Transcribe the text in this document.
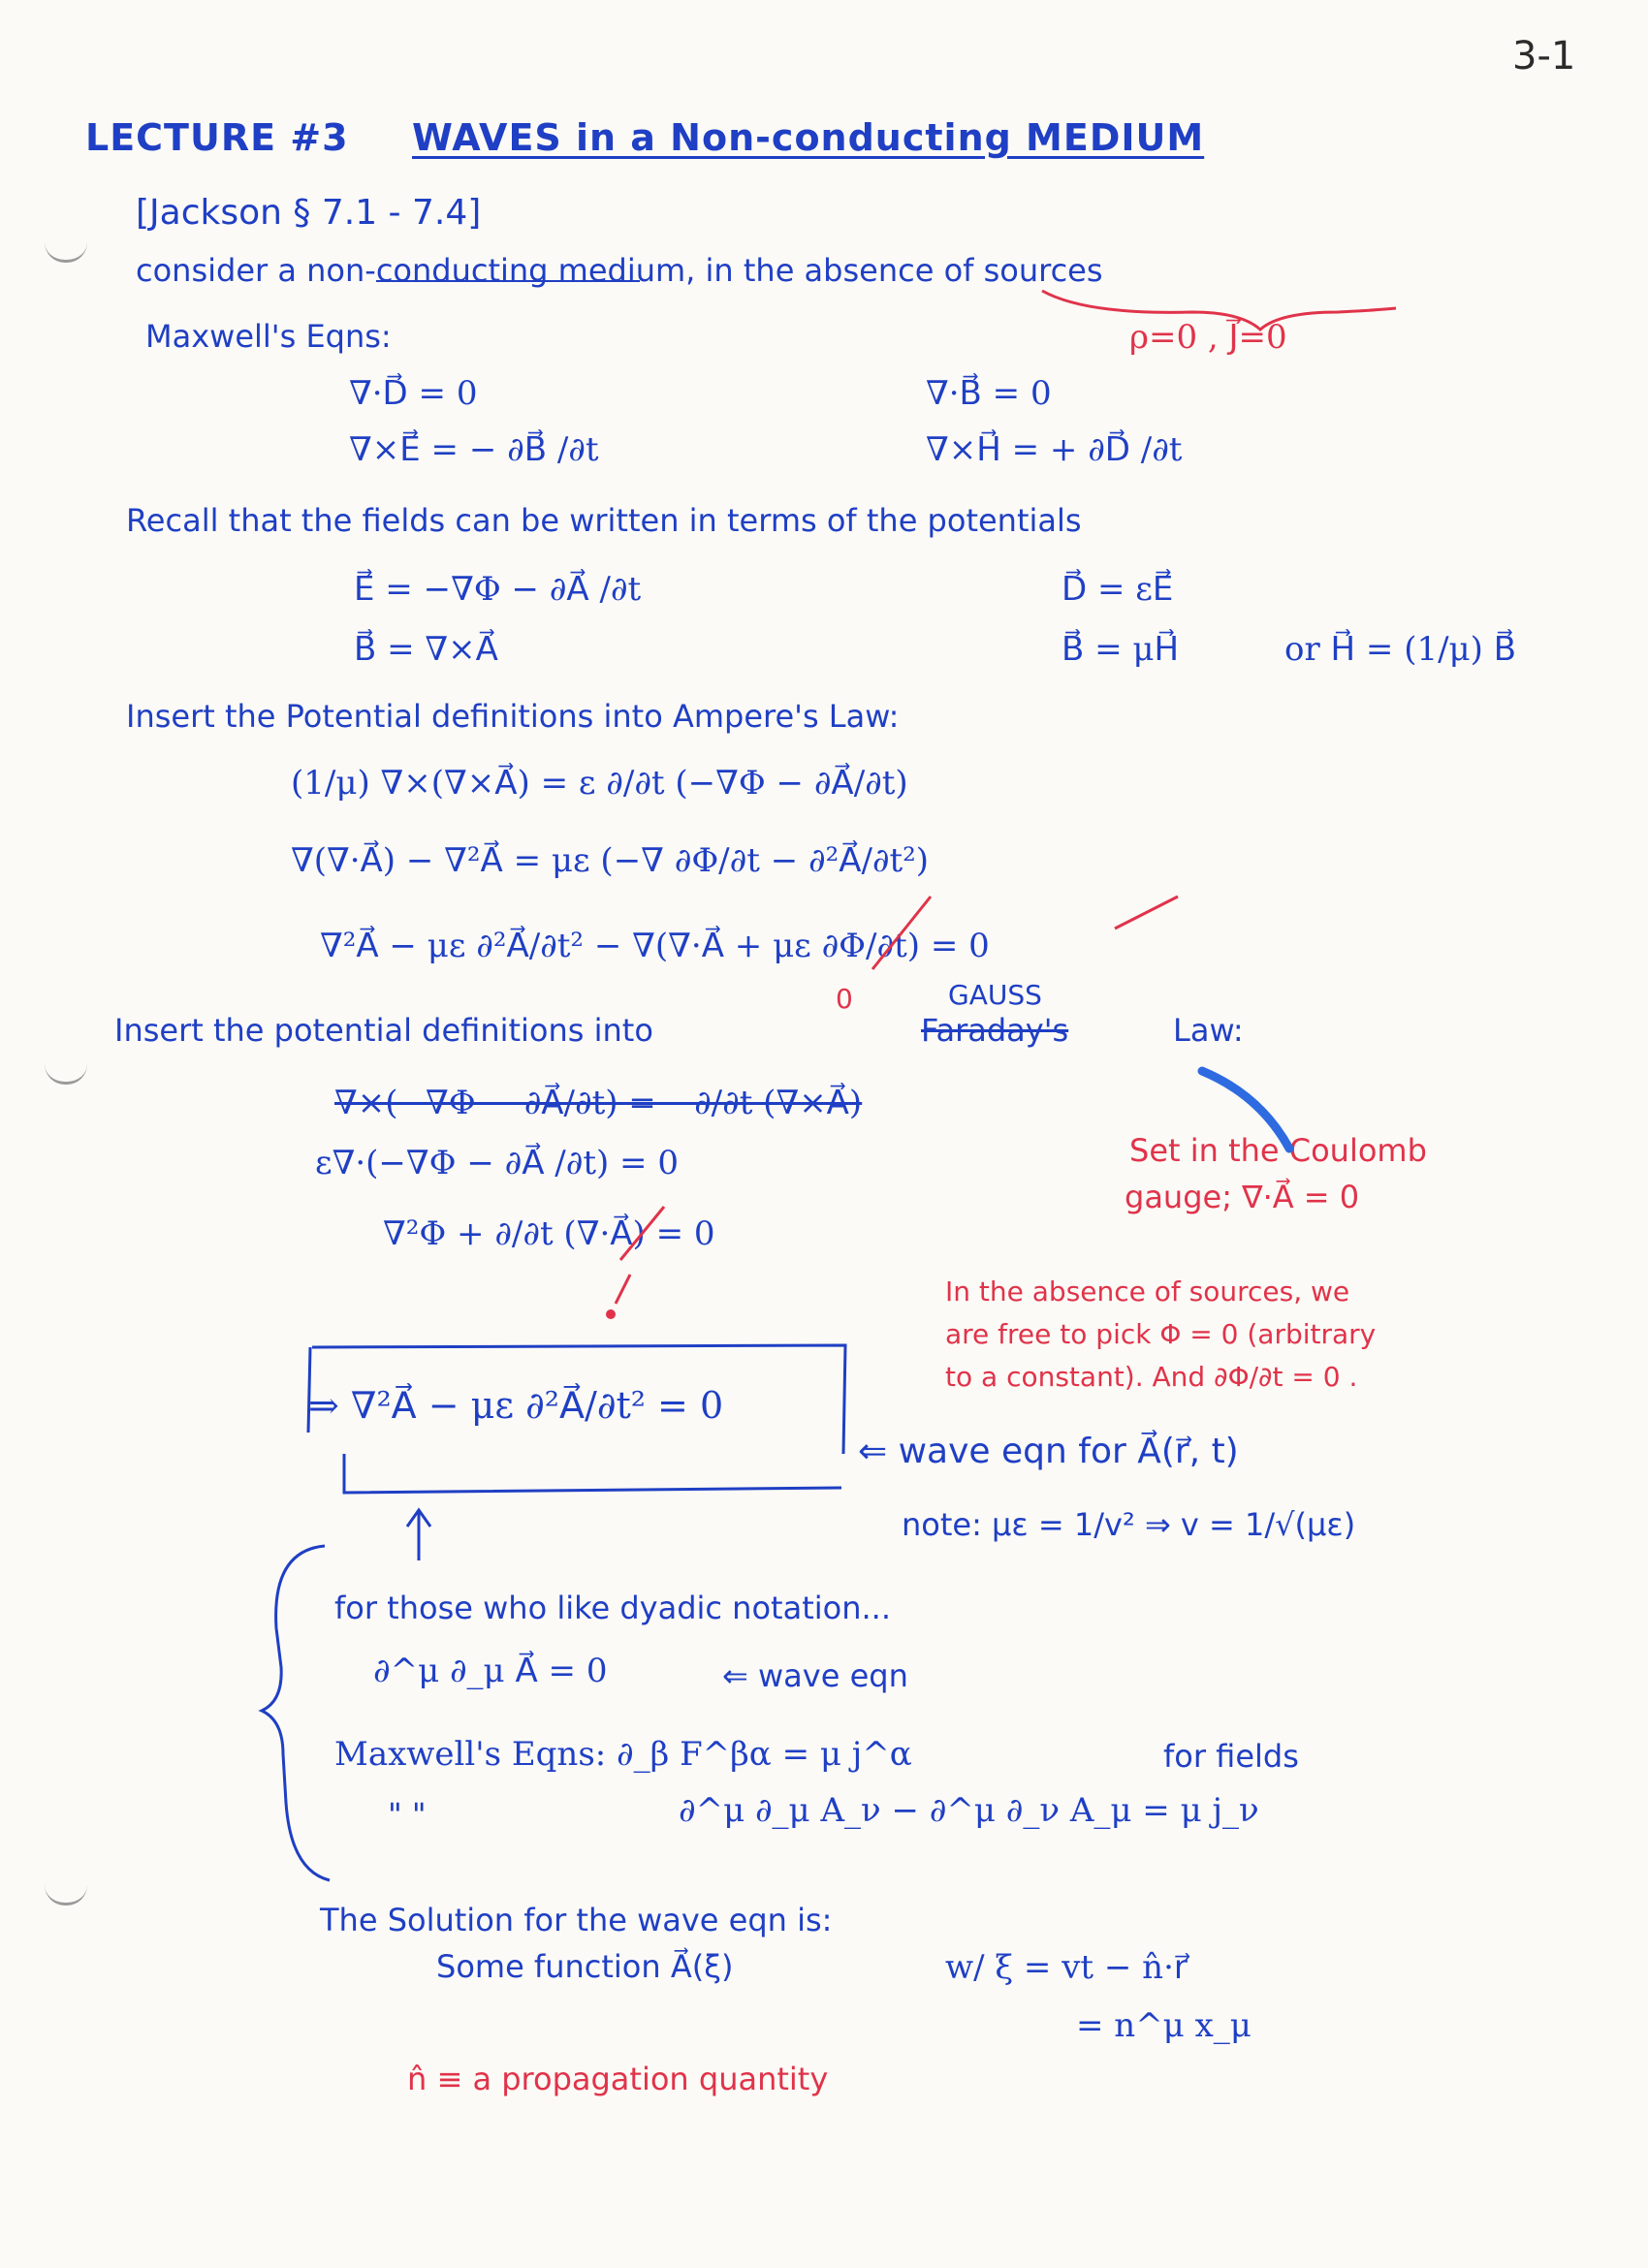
3-1
LECTURE #3 WAVES in a Non-conducting MEDIUM
[Jackson § 7.1 - 7.4]
consider a non-conducting medium, in the absence of sources
ρ=0 , J⃗=0
Maxwell's Eqns:
∇·D⃗ = 0	∇·B⃗ = 0
∇×E⃗ = − ∂B⃗ /∂t	∇×H⃗ = + ∂D⃗ /∂t
Recall that the fields can be written in terms of the potentials
E⃗ = −∇Φ − ∂A⃗ /∂t	D⃗ = εE⃗
B⃗ = ∇×A⃗	B⃗ = μH⃗	or H⃗ = (1/μ) B⃗
Insert the Potential definitions into Ampere's Law:
(1/μ) ∇×(∇×A⃗) = ε ∂/∂t (−∇Φ − ∂A⃗/∂t)
∇(∇·A⃗) − ∇²A⃗ = με (−∇ ∂Φ/∂t − ∂²A⃗/∂t²)
∇²A⃗ − με ∂²A⃗/∂t² − ∇(∇·A⃗ + με ∂Φ/∂t) = 0
0
Insert the potential definitions into
GAUSS
Faraday's	Law:
∇×(−∇Φ − ∂A⃗/∂t) = −∂/∂t (∇×A⃗)
ε∇·(−∇Φ − ∂A⃗ /∂t) = 0
∇²Φ + ∂/∂t (∇·A⃗) = 0
Set in the Coulomb
gauge; ∇·A⃗ = 0
In the absence of sources, we
are free to pick Φ = 0 (arbitrary
to a constant). And ∂Φ/∂t = 0 .
⇒ ∇²A⃗ − με ∂²A⃗/∂t² = 0
⇐ wave eqn for A⃗(r⃗, t)
note: με = 1/v² ⇒ v = 1/√(με)
for those who like dyadic notation...
∂^μ ∂_μ A⃗ = 0	⇐ wave eqn
Maxwell's Eqns: ∂_β F^βα = μ j^α	for fields
" "	∂^μ ∂_μ A_ν − ∂^μ ∂_ν A_μ = μ j_ν
The Solution for the wave eqn is:
Some function A⃗(ξ)	w/ ξ = vt − n̂·r⃗
= n^μ x_μ
n̂ ≡ a propagation quantity
